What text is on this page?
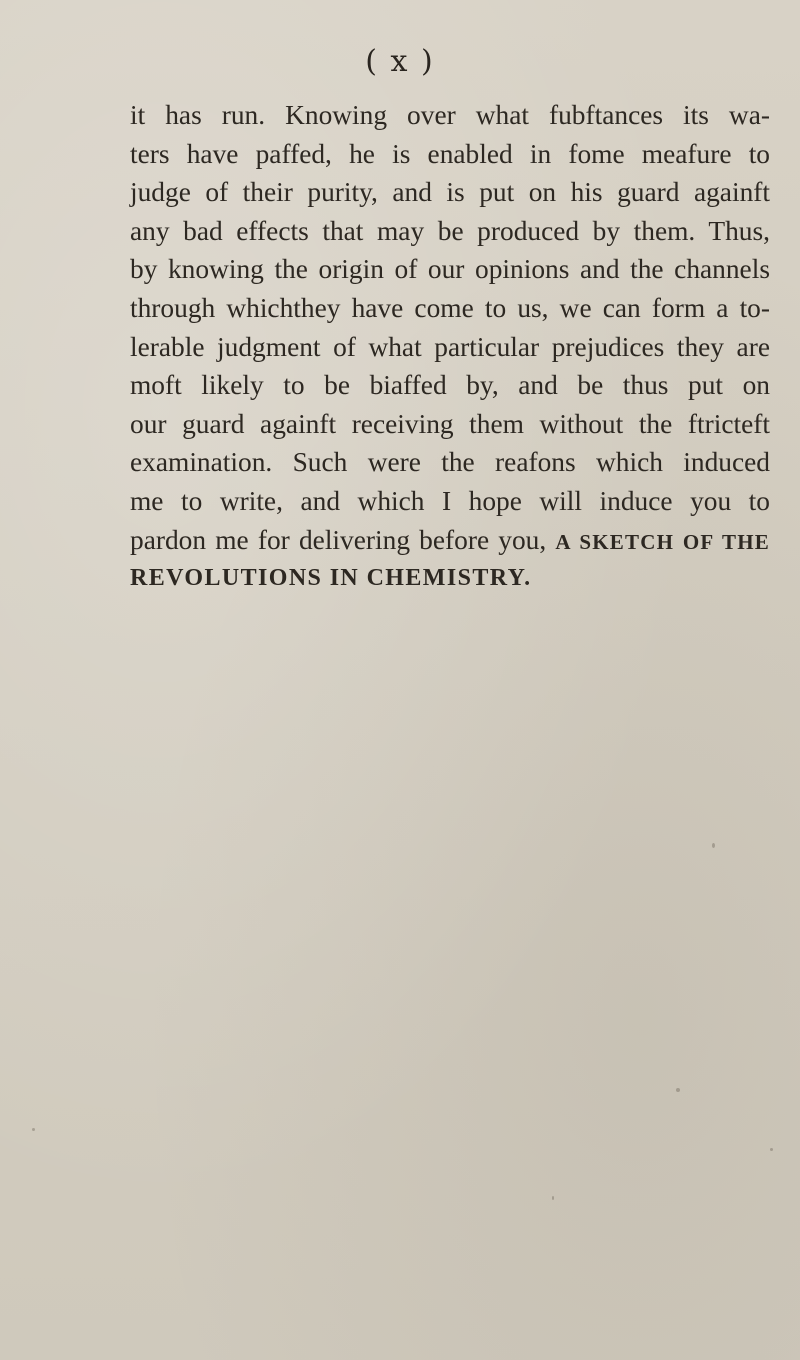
( x )
it has run. Knowing over what fubftances its wa-
ters have paffed, he is enabled in fome meafure to
judge of their purity, and is put on his guard againft
any bad effects that may be produced by them. Thus,
by knowing the origin of our opinions and the channels
through whichthey have come to us, we can form a to-
lerable judgment of what particular prejudices they are
moft likely to be biaffed by, and be thus put on
our guard againft receiving them without the ftricteft
examination. Such were the reafons which induced
me to write, and which I hope will induce you to
pardon me for delivering before you, A SKETCH OF THE
REVOLUTIONS IN CHEMISTRY.
